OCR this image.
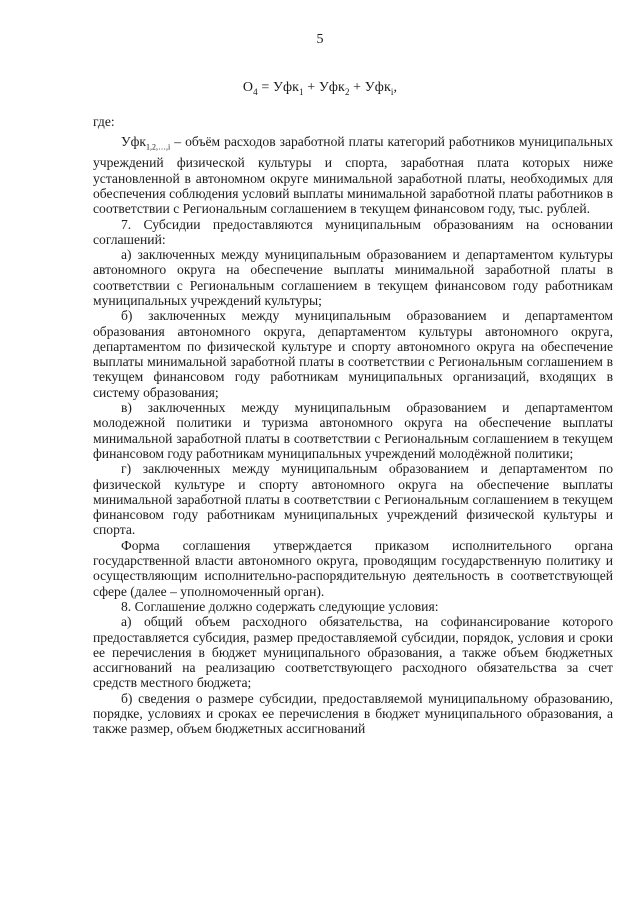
5
$O_4 = Уфк_1 + Уфк_2 + Уфк_i$,

где:

Уфк$_{1,2,\dots,i}$ – объём расходов заработной платы категорий работников муниципальных учреждений физической культуры и спорта, заработная плата которых ниже установленной в автономном округе минимальной заработной платы, необходимых для обеспечения соблюдения условий выплаты минимальной заработной платы работников в соответствии с Региональным соглашением в текущем финансовом году, тыс. рублей.

7. Субсидии предоставляются муниципальным образованиям на основании соглашений:

а) заключенных между муниципальным образованием и департаментом культуры автономного округа на обеспечение выплаты минимальной заработной платы в соответствии с Региональным соглашением в текущем финансовом году работникам муниципальных учреждений культуры;

б) заключенных между муниципальным образованием и департаментом образования автономного округа, департаментом культуры автономного округа, департаментом по физической культуре и спорту автономного округа на обеспечение выплаты минимальной заработной платы в соответствии с Региональным соглашением в текущем финансовом году работникам муниципальных организаций, входящих в систему образования;

в) заключенных между муниципальным образованием и департаментом молодежной политики и туризма автономного округа на обеспечение выплаты минимальной заработной платы в соответствии с Региональным соглашением в текущем финансовом году работникам муниципальных учреждений молодёжной политики;

г) заключенных между муниципальным образованием и департаментом по физической культуре и спорту автономного округа на обеспечение выплаты минимальной заработной платы в соответствии с Региональным соглашением в текущем финансовом году работникам муниципальных учреждений физической культуры и спорта.

Форма соглашения утверждается приказом исполнительного органа государственной власти автономного округа, проводящим государственную политику и осуществляющим исполнительно-распорядительную деятельность в соответствующей сфере (далее – уполномоченный орган).

8. Соглашение должно содержать следующие условия:

а) общий объем расходного обязательства, на софинансирование которого предоставляется субсидия, размер предоставляемой субсидии, порядок, условия и сроки ее перечисления в бюджет муниципального образования, а также объем бюджетных ассигнований на реализацию соответствующего расходного обязательства за счет средств местного бюджета;

б) сведения о размере субсидии, предоставляемой муниципальному образованию, порядке, условиях и сроках ее перечисления в бюджет муниципального образования, а также размер, объем бюджетных ассигнований
